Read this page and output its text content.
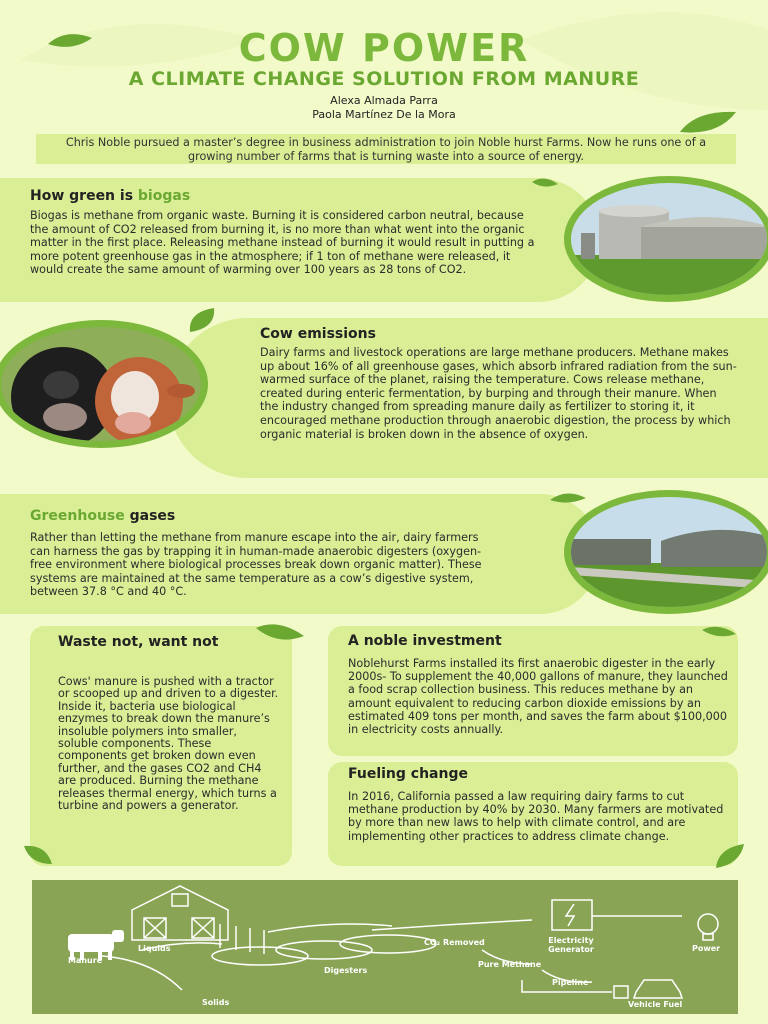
COW POWER
A CLIMATE CHANGE SOLUTION FROM MANURE
Alexa Almada Parra
Paola Martínez De la Mora
Chris Noble pursued a master’s degree in business administration to join Noble hurst Farms. Now he runs one of a growing number of farms that is turning waste into a source of energy.
How green is biogas
Biogas is methane from organic waste. Burning it is considered carbon neutral, because the amount of CO2 released from burning it, is no more than what went into the organic matter in the first place. Releasing methane instead of burning it would result in putting a more potent greenhouse gas in the atmosphere; if 1 ton of methane were released, it would create the same amount of warming over 100 years as 28 tons of CO2.
Cow emissions
Dairy farms and livestock operations are large methane producers. Methane makes up about 16% of all greenhouse gases, which absorb infrared radiation from the sun-warmed surface of the planet, raising the temperature. Cows release methane, created during enteric fermentation, by burping and through their manure. When the industry changed from spreading manure daily as fertilizer to storing it, it encouraged methane production through anaerobic digestion, the process by which organic material is broken down in the absence of oxygen.
Greenhouse gases
Rather than letting the methane from manure escape into the air, dairy farmers can harness the gas by trapping it in human-made anaerobic digesters (oxygen-free environment where biological processes break down organic matter). These systems are maintained at the same temperature as a cow’s digestive system, between 37.8 °C and 40 °C.
Waste not, want not
Cows' manure is pushed with a tractor or scooped up and driven to a digester. Inside it, bacteria use biological enzymes to break down the manure’s insoluble polymers into smaller, soluble components. These components get broken down even further, and the gases CO2 and CH4 are produced. Burning the methane releases thermal energy, which turns a turbine and powers a generator.
A noble investment
Noblehurst Farms installed its first anaerobic digester in the early 2000s- To supplement the 40,000 gallons of manure, they launched a food scrap collection business. This reduces methane by an amount equivalent to reducing carbon dioxide emissions by an estimated 409 tons per month, and saves the farm about $100,000 in electricity costs annually.
Fueling change
In 2016, California passed a law requiring dairy farms to cut methane production by 40% by 2030. Many farmers are motivated by more than new laws to help with climate control, and are implementing other practices to address climate change.
Manure
Liquids
Solids
Digesters
CO₂ Removed
Pure Methane
Pipeline
Electricity Generator	Power
Vehicle Fuel
